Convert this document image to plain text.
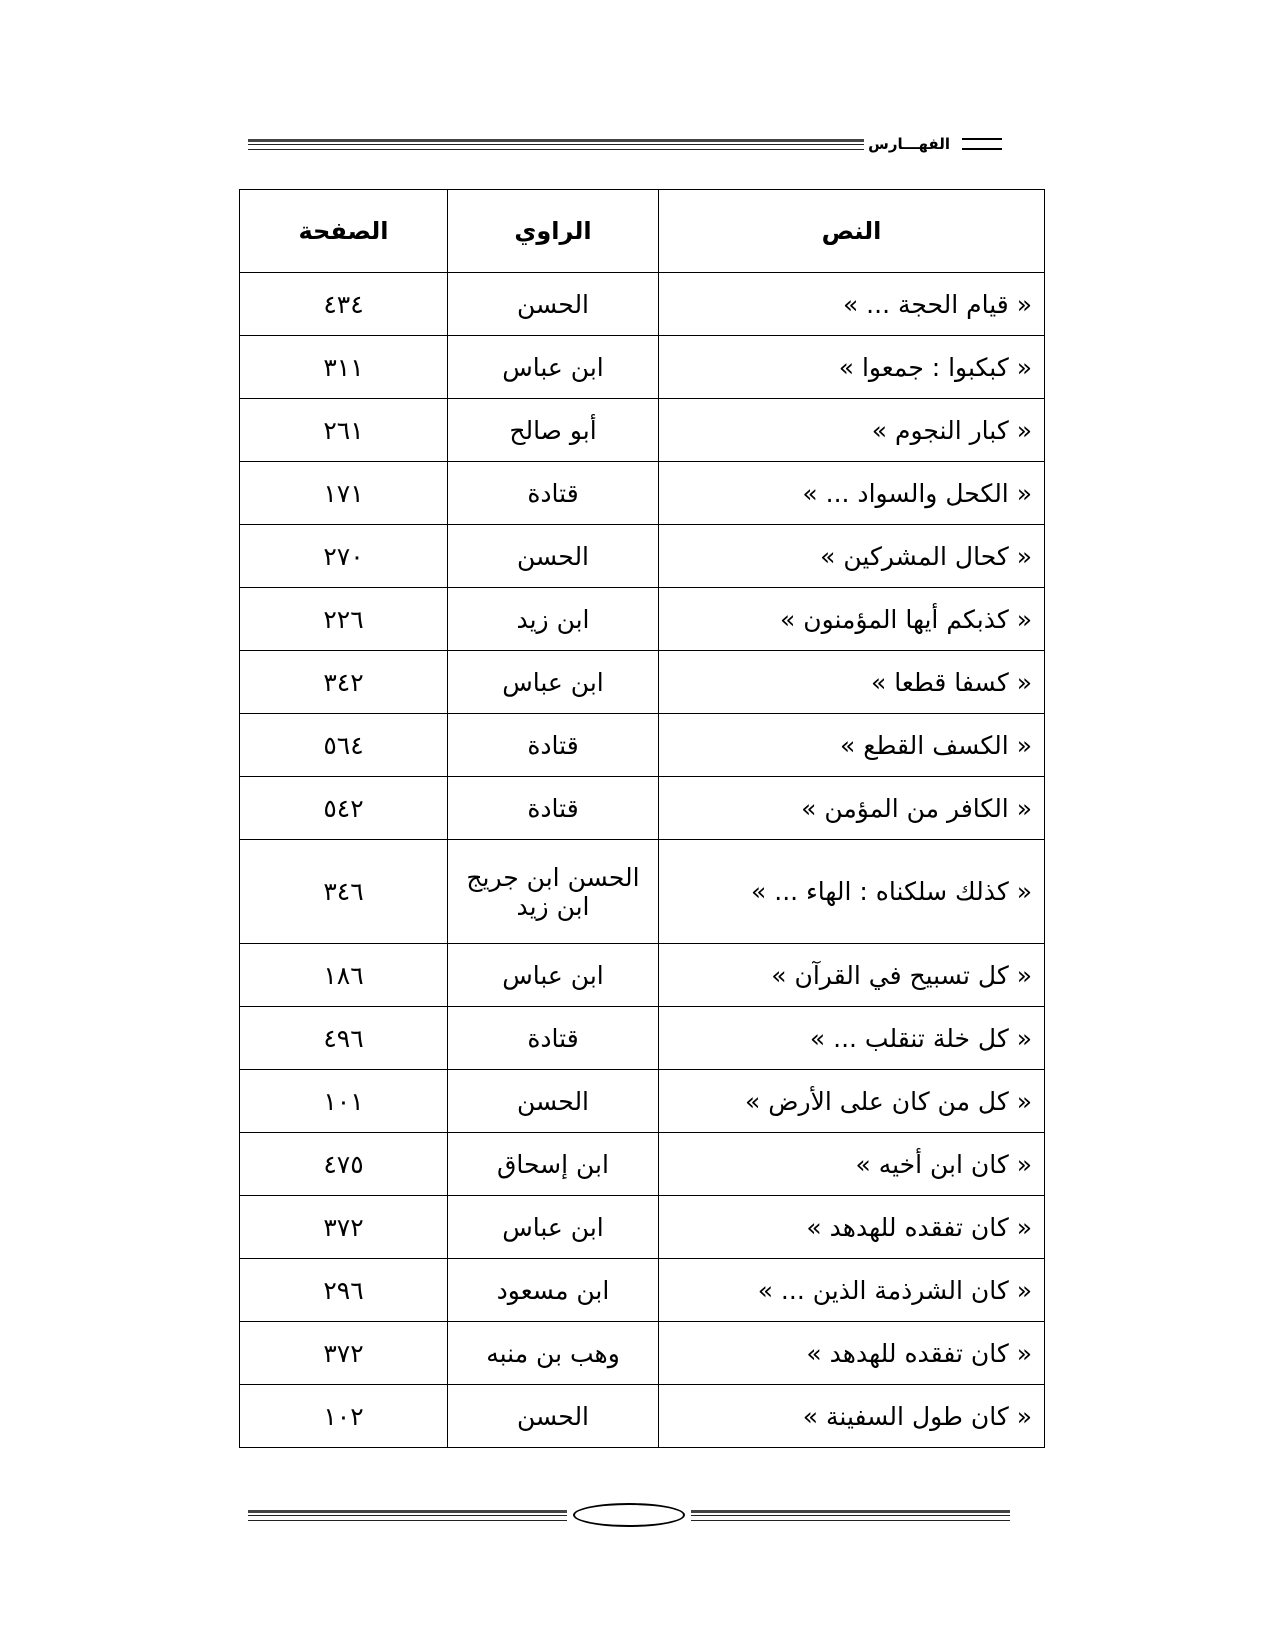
الفهـــارس
النص	الراوي	الصفحة
« قيام الحجة ... »	الحسن	٤٣٤
« كبكبوا : جمعوا »	ابن عباس	٣١١
« كبار النجوم »	أبو صالح	٢٦١
« الكحل والسواد ... »	قتادة	١٧١
« كحال المشركين »	الحسن	٢٧٠
« كذبكم أيها المؤمنون »	ابن زيد	٢٢٦
« كسفا قطعا »	ابن عباس	٣٤٢
« الكسف القطع »	قتادة	٥٦٤
« الكافر من المؤمن »	قتادة	٥٤٢
« كذلك سلكناه : الهاء ... »	الحسن ابن جريج ابن زيد	٣٤٦
« كل تسبيح في القرآن »	ابن عباس	١٨٦
« كل خلة تنقلب ... »	قتادة	٤٩٦
« كل من كان على الأرض »	الحسن	١٠١
« كان ابن أخيه »	ابن إسحاق	٤٧٥
« كان تفقده للهدهد »	ابن عباس	٣٧٢
« كان الشرذمة الذين ... »	ابن مسعود	٢٩٦
« كان تفقده للهدهد »	وهب بن منبه	٣٧٢
« كان طول السفينة »	الحسن	١٠٢
